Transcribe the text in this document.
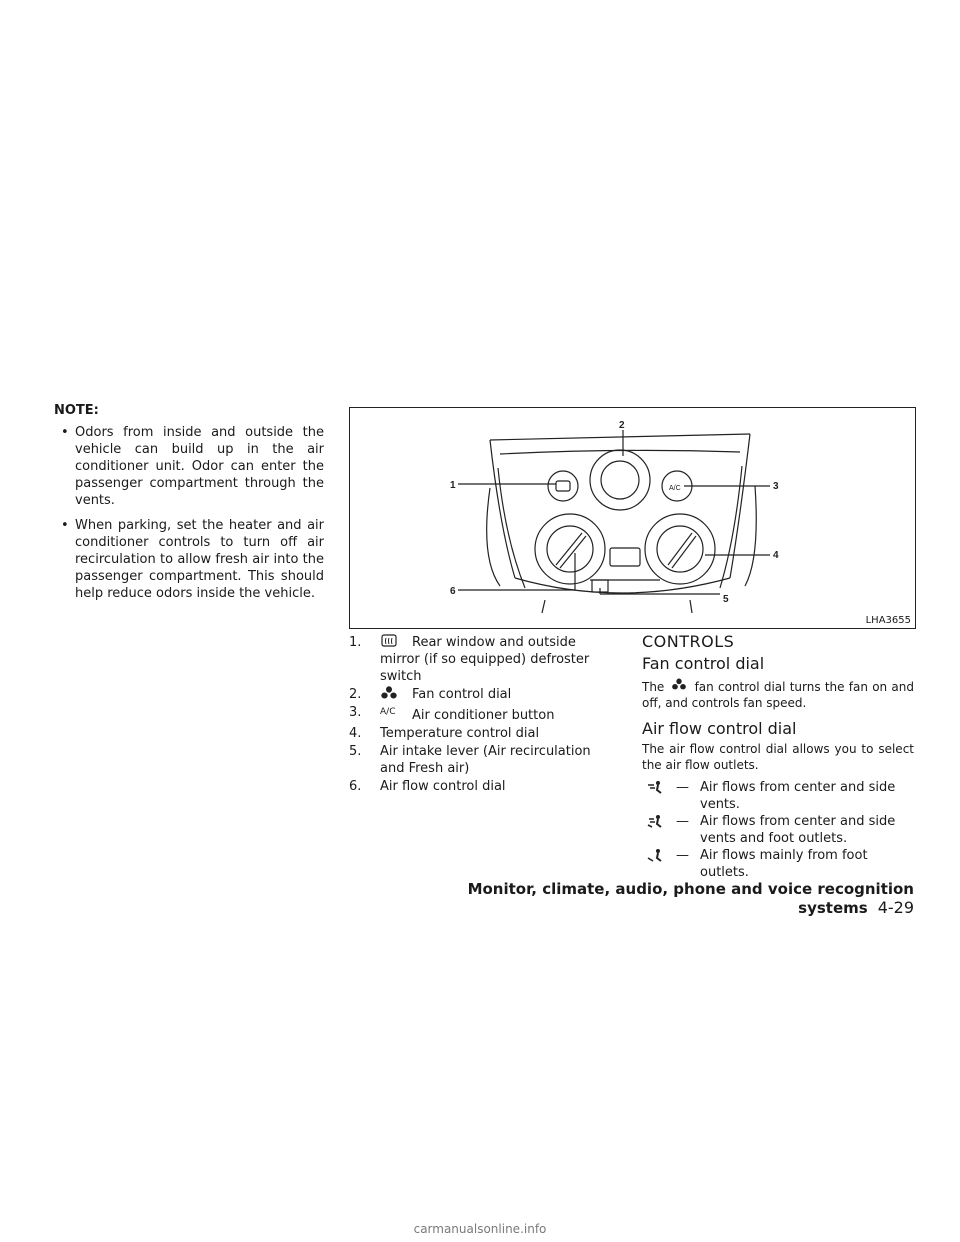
NOTE:
• Odors from inside and outside the vehicle can build up in the air conditioner unit. Odor can enter the passenger compartment through the vents.
• When parking, set the heater and air conditioner controls to turn off air recirculation to allow fresh air into the passenger compartment. This should help reduce odors inside the vehicle.
1
2
3
4
5
6
A/C
LHA3655
1.	Rear window and outside mirror (if so equipped) defroster switch
2.	Fan control dial
3. A/C Air conditioner button
4. Temperature control dial
5. Air intake lever (Air recirculation and Fresh air)
6. Air flow control dial
CONTROLS
Fan control dial
The	fan control dial turns the fan on and off, and controls fan speed.
Air flow control dial
The air flow control dial allows you to select the air flow outlets.
— Air flows from center and side vents.
— Air flows from center and side vents and foot outlets.
— Air flows mainly from foot outlets.
Monitor, climate, audio, phone and voice recognition systems 4-29
carmanualsonline.info
